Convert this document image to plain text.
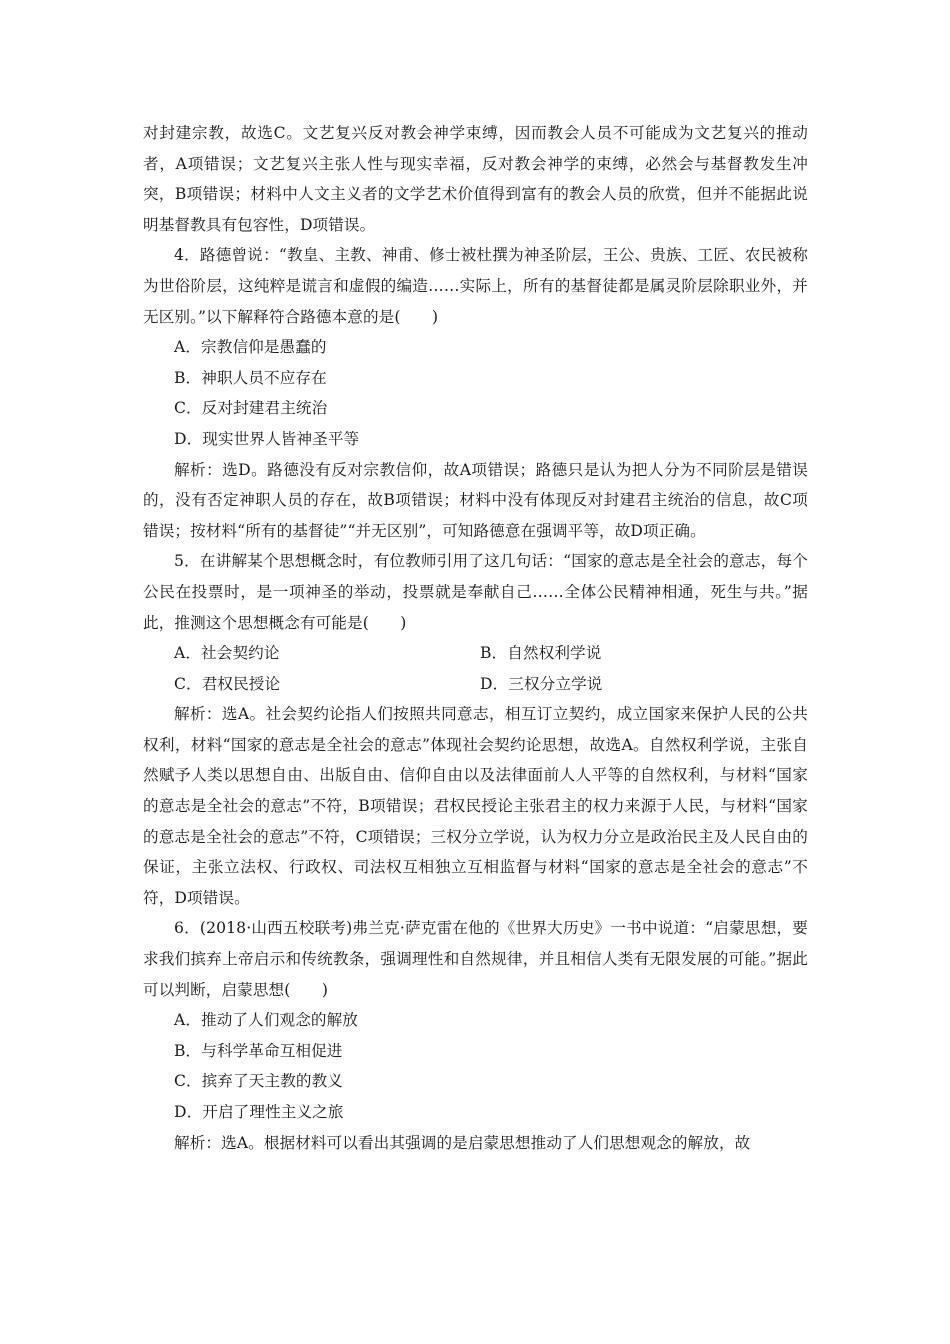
对封建宗教，故选C。文艺复兴反对教会神学束缚，因而教会人员不可能成为文艺复兴的推动者，A项错误；文艺复兴主张人性与现实幸福，反对教会神学的束缚，必然会与基督教发生冲突，B项错误；材料中人文主义者的文学艺术价值得到富有的教会人员的欣赏，但并不能据此说明基督教具有包容性，D项错误。

4．路德曾说：“教皇、主教、神甫、修士被杜撰为神圣阶层，王公、贵族、工匠、农民被称为世俗阶层，这纯粹是谎言和虚假的编造……实际上，所有的基督徒都是属灵阶层除职业外，并无区别。”以下解释符合路德本意的是(　　)

A．宗教信仰是愚蠢的

B．神职人员不应存在

C．反对封建君主统治

D．现实世界人皆神圣平等

解析：选D。路德没有反对宗教信仰，故A项错误；路德只是认为把人分为不同阶层是错误的，没有否定神职人员的存在，故B项错误；材料中没有体现反对封建君主统治的信息，故C项错误；按材料“所有的基督徒”“并无区别”，可知路德意在强调平等，故D项正确。

5．在讲解某个思想概念时，有位教师引用了这几句话：“国家的意志是全社会的意志，每个公民在投票时，是一项神圣的举动，投票就是奉献自己……全体公民精神相通，死生与共。”据此，推测这个思想概念有可能是(　　)

A．社会契约论	B．自然权利学说
C．君权民授论	D．三权分立学说

解析：选A。社会契约论指人们按照共同意志，相互订立契约，成立国家来保护人民的公共权利，材料“国家的意志是全社会的意志”体现社会契约论思想，故选A。自然权利学说，主张自然赋予人类以思想自由、出版自由、信仰自由以及法律面前人人平等的自然权利，与材料“国家的意志是全社会的意志”不符，B项错误；君权民授论主张君主的权力来源于人民，与材料“国家的意志是全社会的意志”不符，C项错误；三权分立学说，认为权力分立是政治民主及人民自由的保证，主张立法权、行政权、司法权互相独立互相监督与材料“国家的意志是全社会的意志”不符，D项错误。

6．(2018·山西五校联考)弗兰克·萨克雷在他的《世界大历史》一书中说道：“启蒙思想，要求我们摈弃上帝启示和传统教条，强调理性和自然规律，并且相信人类有无限发展的可能。”据此可以判断，启蒙思想(　　)

A．推动了人们观念的解放

B．与科学革命互相促进

C．摈弃了天主教的教义

D．开启了理性主义之旅

解析：选A。根据材料可以看出其强调的是启蒙思想推动了人们思想观念的解放，故
